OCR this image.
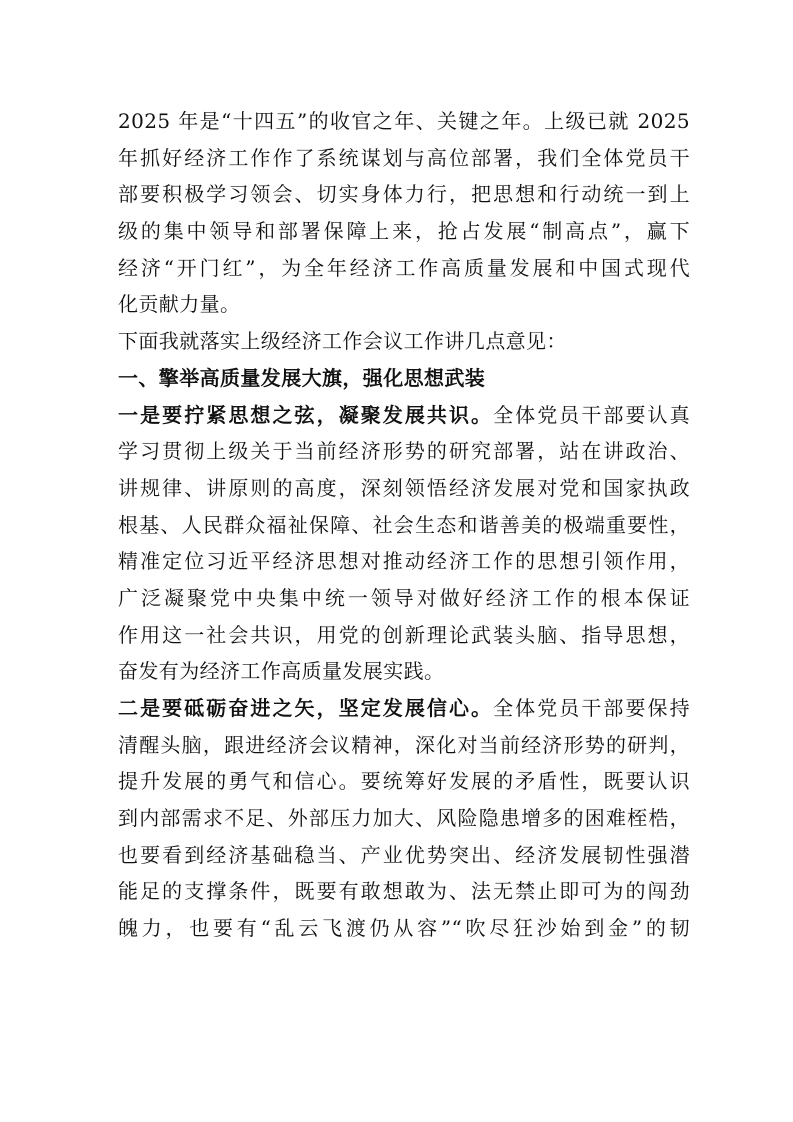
2025 年是“十四五”的收官之年、关键之年。上级已就 2025
年抓好经济工作作了系统谋划与高位部署，我们全体党员干
部要积极学习领会、切实身体力行，把思想和行动统一到上
级的集中领导和部署保障上来，抢占发展“制高点”，赢下
经济“开门红”，为全年经济工作高质量发展和中国式现代
化贡献力量。
下面我就落实上级经济工作会议工作讲几点意见：
一、擎举高质量发展大旗，强化思想武装
一是要拧紧思想之弦，凝聚发展共识。全体党员干部要认真
学习贯彻上级关于当前经济形势的研究部署，站在讲政治、
讲规律、讲原则的高度，深刻领悟经济发展对党和国家执政
根基、人民群众福祉保障、社会生态和谐善美的极端重要性，
精准定位习近平经济思想对推动经济工作的思想引领作用，
广泛凝聚党中央集中统一领导对做好经济工作的根本保证
作用这一社会共识，用党的创新理论武装头脑、指导思想，
奋发有为经济工作高质量发展实践。
二是要砥砺奋进之矢，坚定发展信心。全体党员干部要保持
清醒头脑，跟进经济会议精神，深化对当前经济形势的研判，
提升发展的勇气和信心。要统筹好发展的矛盾性，既要认识
到内部需求不足、外部压力加大、风险隐患增多的困难桎梏，
也要看到经济基础稳当、产业优势突出、经济发展韧性强潜
能足的支撑条件，既要有敢想敢为、法无禁止即可为的闯劲
魄力，也要有“乱云飞渡仍从容”“吹尽狂沙始到金”的韧
